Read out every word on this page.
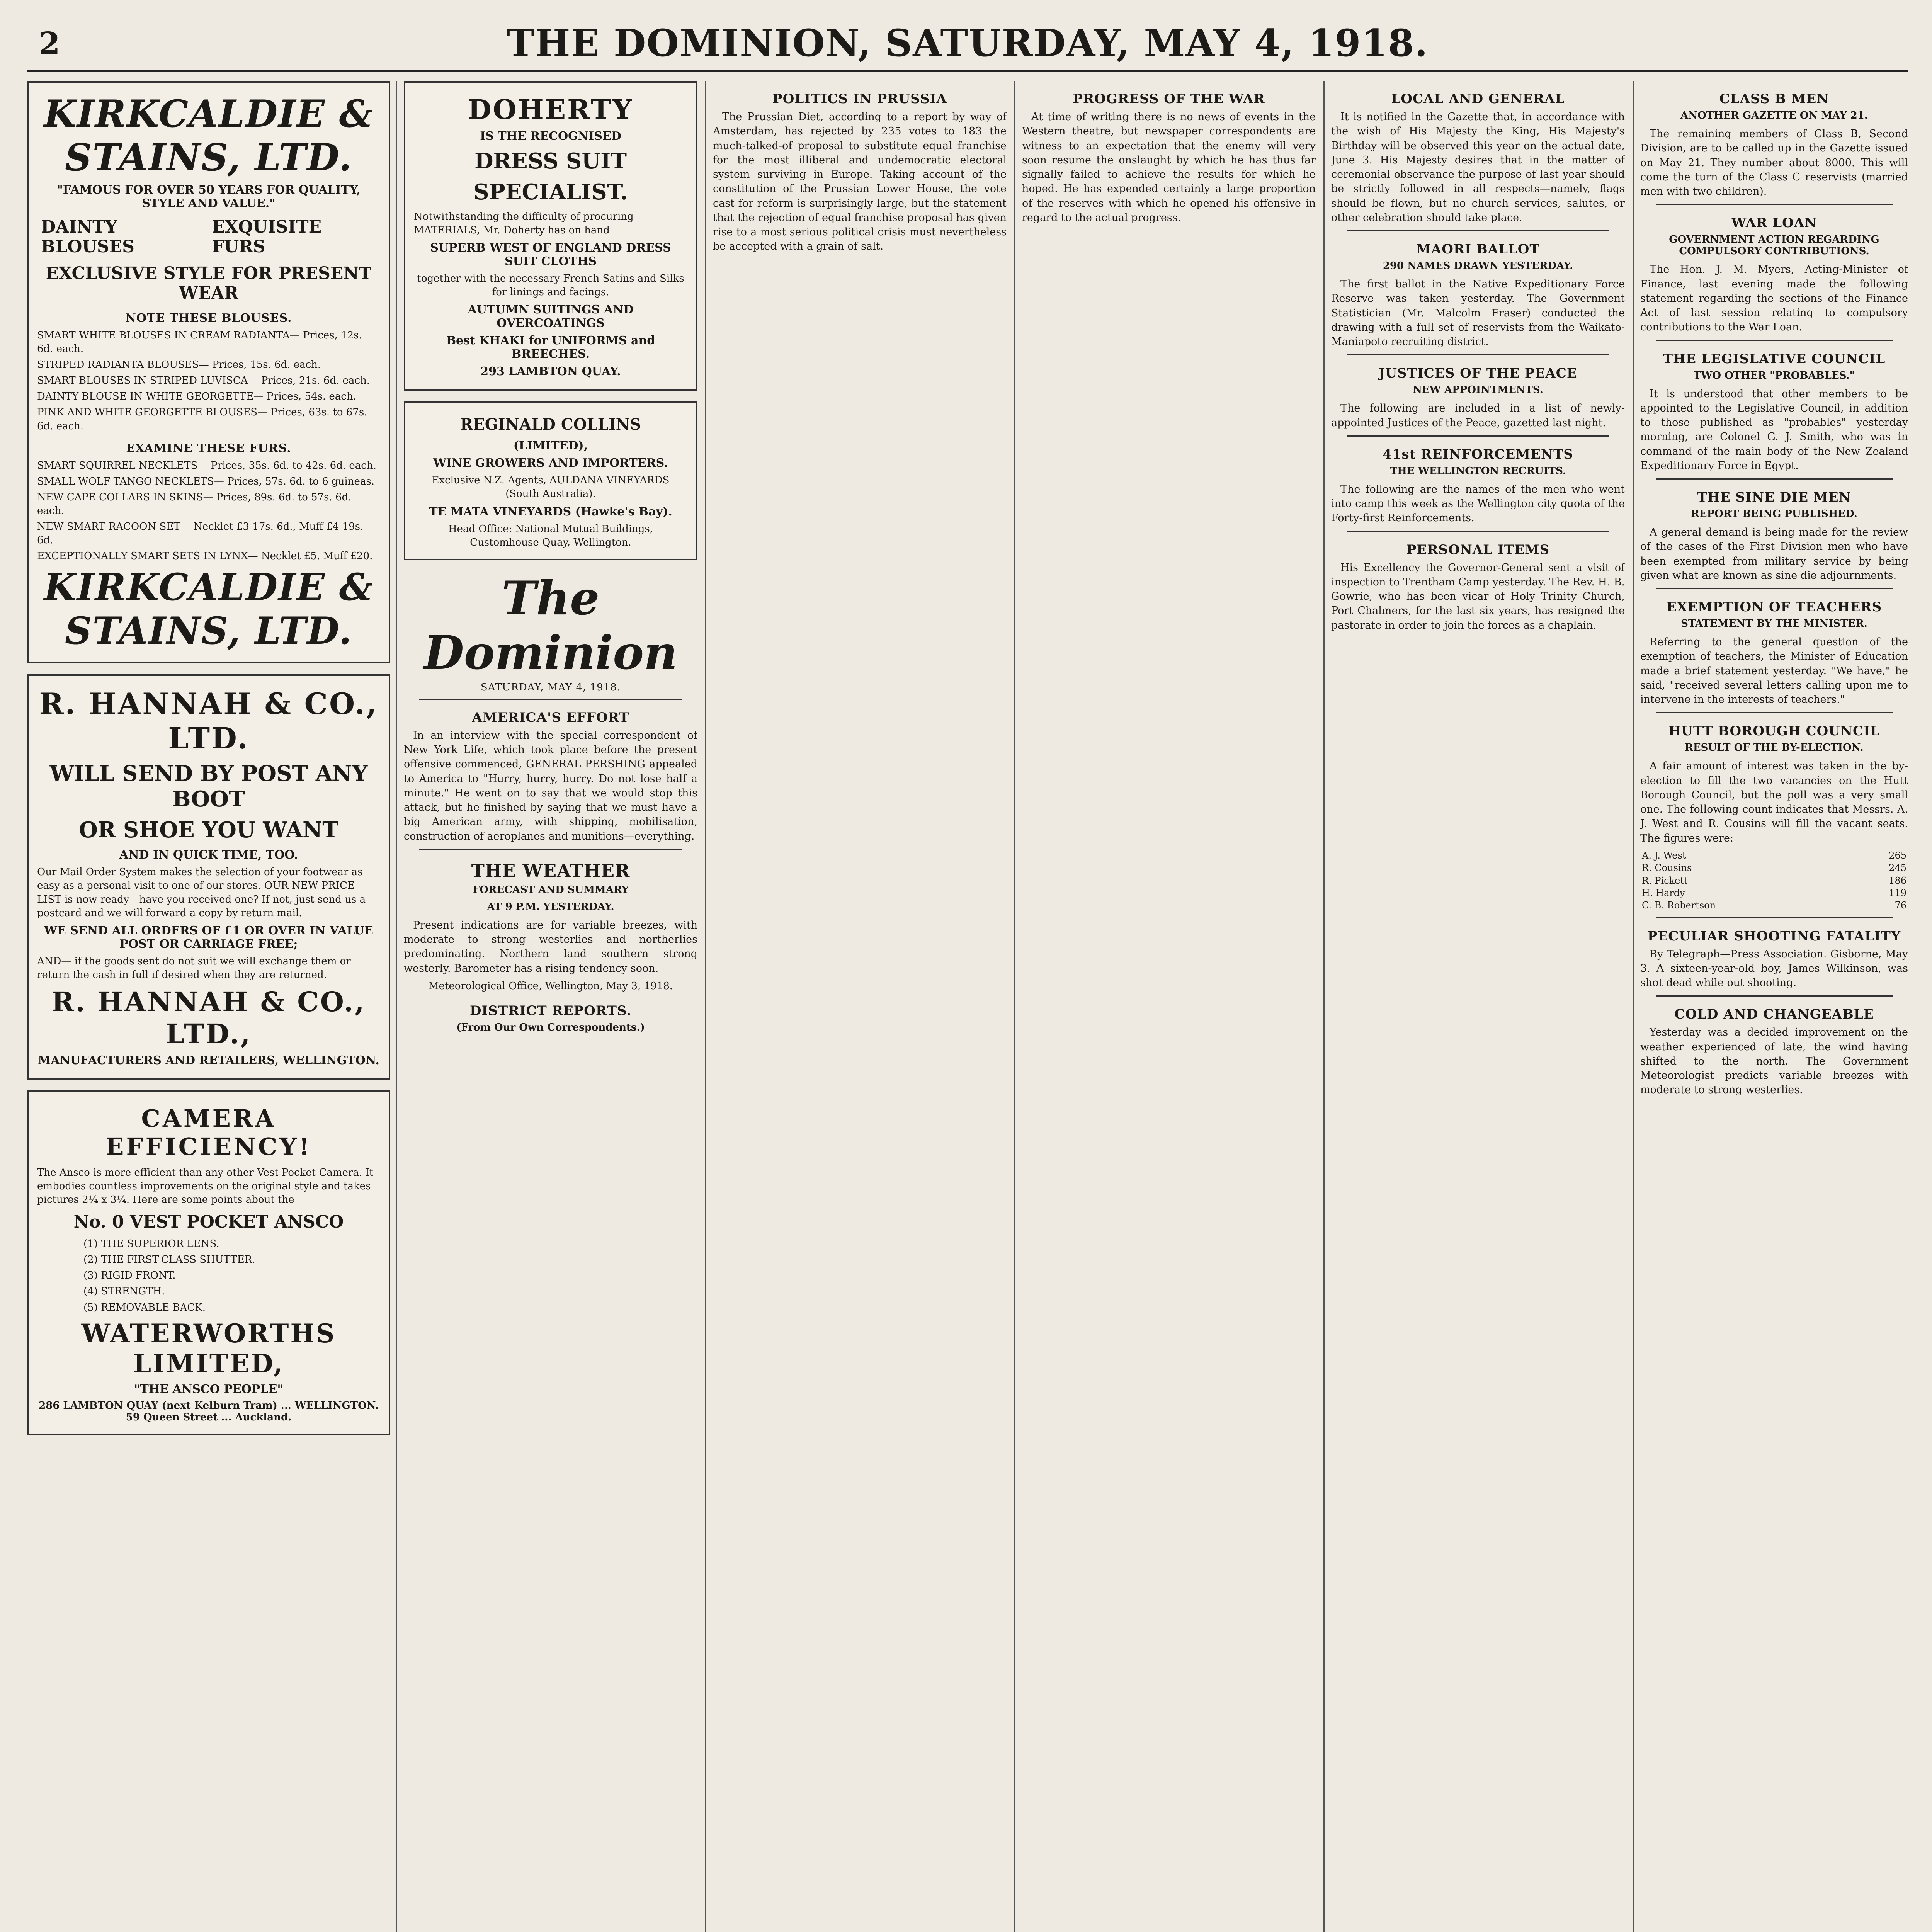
2	THE DOMINION, SATURDAY, MAY 4, 1918.
KIRKCALDIE & STAINS, LTD.
"FAMOUS FOR OVER 50 YEARS FOR QUALITY, STYLE AND VALUE."
DAINTY BLOUSES
EXQUISITE FURS
EXCLUSIVE STYLE FOR PRESENT WEAR
NOTE THESE BLOUSES.
SMART WHITE BLOUSES IN CREAM RADIANTA— Prices, 12s. 6d. each.
STRIPED RADIANTA BLOUSES— Prices, 15s. 6d. each.
SMART BLOUSES IN STRIPED LUVISCA— Prices, 21s. 6d. each.
DAINTY BLOUSE IN WHITE GEORGETTE— Prices, 54s. each.
PINK AND WHITE GEORGETTE BLOUSES— Prices, 63s. to 67s. 6d. each.
EXAMINE THESE FURS.
SMART SQUIRREL NECKLETS— Prices, 35s. 6d. to 42s. 6d. each.
SMALL WOLF TANGO NECKLETS— Prices, 57s. 6d. to 6 guineas.
NEW CAPE COLLARS IN SKINS— Prices, 89s. 6d. to 57s. 6d. each.
NEW SMART RACOON SET— Necklet £3 17s. 6d., Muff £4 19s. 6d.
EXCEPTIONALLY SMART SETS IN LYNX— Necklet £5. Muff £20.
KIRKCALDIE & STAINS, LTD.
R. HANNAH & CO., LTD.
WILL SEND BY POST ANY BOOT
OR SHOE YOU WANT
AND IN QUICK TIME, TOO.

Our Mail Order System makes the selection of your footwear as easy as a personal visit to one of our stores. OUR NEW PRICE LIST is now ready—have you received one? If not, just send us a postcard and we will forward a copy by return mail.

WE SEND ALL ORDERS OF £1 OR OVER IN VALUE POST OR CARRIAGE FREE;

AND— if the goods sent do not suit we will exchange them or return the cash in full if desired when they are returned.

R. HANNAH & CO., LTD.,
MANUFACTURERS AND RETAILERS, WELLINGTON.
CAMERA EFFICIENCY!

The Ansco is more efficient than any other Vest Pocket Camera. It embodies countless improvements on the original style and takes pictures 2¼ x 3¼. Here are some points about the

No. 0 VEST POCKET ANSCO
(1) THE SUPERIOR LENS.
(2) THE FIRST-CLASS SHUTTER.
(3) RIGID FRONT.
(4) STRENGTH.
(5) REMOVABLE BACK.
WATERWORTHS LIMITED,
"THE ANSCO PEOPLE"
286 LAMBTON QUAY (next Kelburn Tram) ... WELLINGTON. 59 Queen Street ... Auckland.
DOHERTY
IS THE RECOGNISED
DRESS SUIT
SPECIALIST.

Notwithstanding the difficulty of procuring MATERIALS, Mr. Doherty has on hand

SUPERB WEST OF ENGLAND DRESS SUIT CLOTHS

together with the necessary French Satins and Silks for linings and facings.

AUTUMN SUITINGS AND OVERCOATINGS
Best KHAKI for UNIFORMS and BREECHES.
293 LAMBTON QUAY.
REGINALD COLLINS
(LIMITED),
WINE GROWERS AND IMPORTERS.

Exclusive N.Z. Agents, AULDANA VINEYARDS (South Australia).

TE MATA VINEYARDS (Hawke's Bay).

Head Office: National Mutual Buildings, Customhouse Quay, Wellington.

The Dominion
SATURDAY, MAY 4, 1918.
AMERICA'S EFFORT

In an interview with the special correspondent of New York Life, which took place before the present offensive commenced, GENERAL PERSHING appealed to America to "Hurry, hurry, hurry. Do not lose half a minute." He went on to say that we would stop this attack, but he finished by saying that we must have a big American army, with shipping, mobilisation, construction of aeroplanes and munitions—everything.

THE WEATHER
FORECAST AND SUMMARY
AT 9 P.M. YESTERDAY.

Present indications are for variable breezes, with moderate to strong westerlies and northerlies predominating. Northern land southern strong westerly. Barometer has a rising tendency soon.

Meteorological Office, Wellington, May 3, 1918.

DISTRICT REPORTS.
(From Our Own Correspondents.)
POLITICS IN PRUSSIA

The Prussian Diet, according to a report by way of Amsterdam, has rejected by 235 votes to 183 the much-talked-of proposal to substitute equal franchise for the most illiberal and undemocratic electoral system surviving in Europe. Taking account of the constitution of the Prussian Lower House, the vote cast for reform is surprisingly large, but the statement that the rejection of equal franchise proposal has given rise to a most serious political crisis must nevertheless be accepted with a grain of salt.

PROGRESS OF THE WAR

At time of writing there is no news of events in the Western theatre, but newspaper correspondents are witness to an expectation that the enemy will very soon resume the onslaught by which he has thus far signally failed to achieve the results for which he hoped. He has expended certainly a large proportion of the reserves with which he opened his offensive in regard to the actual progress.

LOCAL AND GENERAL

It is notified in the Gazette that, in accordance with the wish of His Majesty the King, His Majesty's Birthday will be observed this year on the actual date, June 3. His Majesty desires that in the matter of ceremonial observance the purpose of last year should be strictly followed in all respects—namely, flags should be flown, but no church services, salutes, or other celebration should take place.

MAORI BALLOT
290 NAMES DRAWN YESTERDAY.

The first ballot in the Native Expeditionary Force Reserve was taken yesterday. The Government Statistician (Mr. Malcolm Fraser) conducted the drawing with a full set of reservists from the Waikato-Maniapoto recruiting district.

JUSTICES OF THE PEACE
NEW APPOINTMENTS.

The following are included in a list of newly-appointed Justices of the Peace, gazetted last night.

41st REINFORCEMENTS
THE WELLINGTON RECRUITS.

The following are the names of the men who went into camp this week as the Wellington city quota of the Forty-first Reinforcements.

PERSONAL ITEMS

His Excellency the Governor-General sent a visit of inspection to Trentham Camp yesterday. The Rev. H. B. Gowrie, who has been vicar of Holy Trinity Church, Port Chalmers, for the last six years, has resigned the pastorate in order to join the forces as a chaplain.

CLASS B MEN
ANOTHER GAZETTE ON MAY 21.

The remaining members of Class B, Second Division, are to be called up in the Gazette issued on May 21. They number about 8000. This will come the turn of the Class C reservists (married men with two children).

WAR LOAN
GOVERNMENT ACTION REGARDING COMPULSORY CONTRIBUTIONS.

The Hon. J. M. Myers, Acting-Minister of Finance, last evening made the following statement regarding the sections of the Finance Act of last session relating to compulsory contributions to the War Loan.

THE LEGISLATIVE COUNCIL
TWO OTHER "PROBABLES."

It is understood that other members to be appointed to the Legislative Council, in addition to those published as "probables" yesterday morning, are Colonel G. J. Smith, who was in command of the main body of the New Zealand Expeditionary Force in Egypt.

THE SINE DIE MEN
REPORT BEING PUBLISHED.

A general demand is being made for the review of the cases of the First Division men who have been exempted from military service by being given what are known as sine die adjournments.

EXEMPTION OF TEACHERS
STATEMENT BY THE MINISTER.

Referring to the general question of the exemption of teachers, the Minister of Education made a brief statement yesterday. "We have," he said, "received several letters calling upon me to intervene in the interests of teachers."

HUTT BOROUGH COUNCIL
RESULT OF THE BY-ELECTION.

A fair amount of interest was taken in the by-election to fill the two vacancies on the Hutt Borough Council, but the poll was a very small one. The following count indicates that Messrs. A. J. West and R. Cousins will fill the vacant seats. The figures were:

A. J. West	265
R. Cousins	245
R. Pickett	186
H. Hardy	119
C. B. Robertson	76
PECULIAR SHOOTING FATALITY

By Telegraph—Press Association. Gisborne, May 3. A sixteen-year-old boy, James Wilkinson, was shot dead while out shooting.

COLD AND CHANGEABLE

Yesterday was a decided improvement on the weather experienced of late, the wind having shifted to the north. The Government Meteorologist predicts variable breezes with moderate to strong westerlies.
